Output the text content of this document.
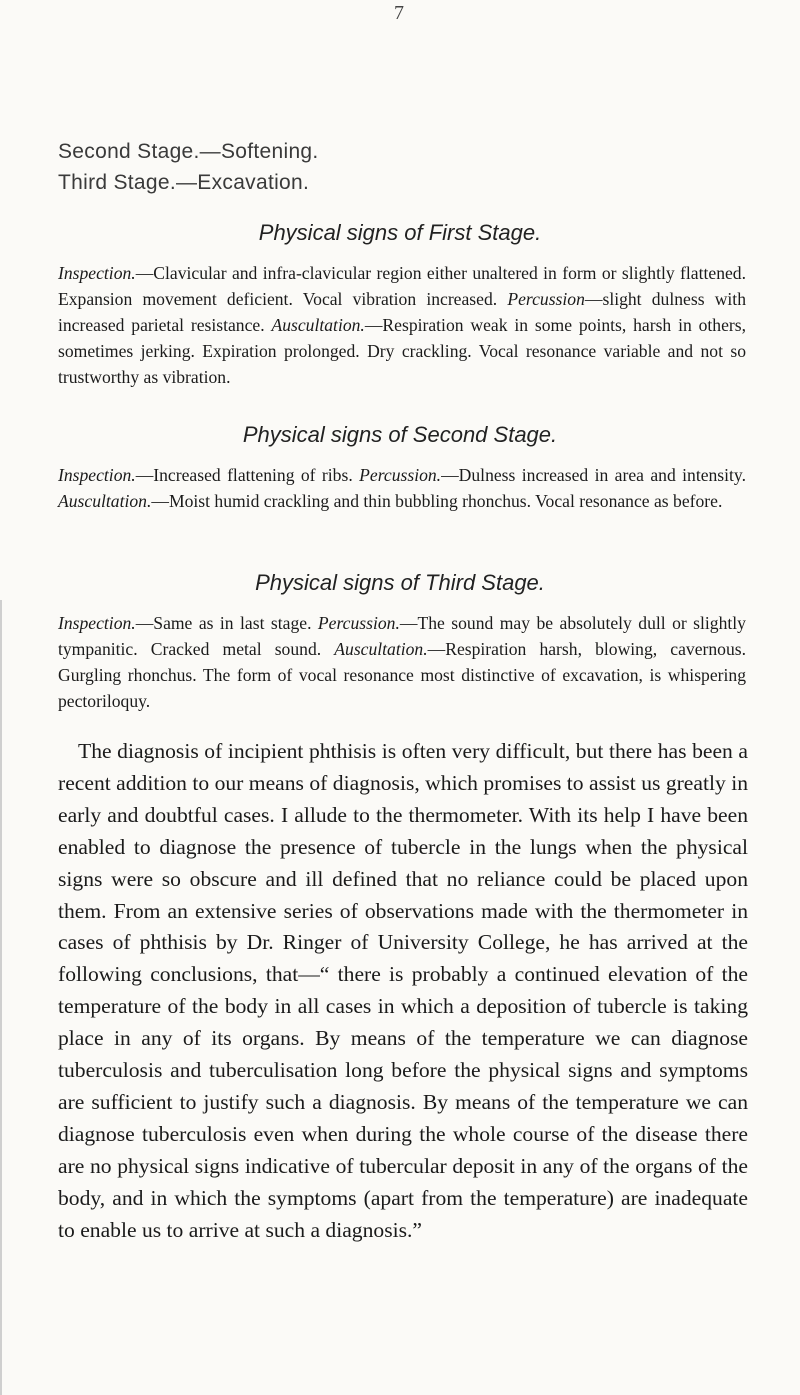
7
Second Stage.—Softening.
Third Stage.—Excavation.
Physical signs of First Stage.
Inspection.—Clavicular and infra-clavicular region either unaltered in form or slightly flattened. Expansion movement deficient. Vocal vibration increased. Percussion—slight dulness with increased parietal resistance. Auscultation.—Respiration weak in some points, harsh in others, sometimes jerking. Expiration prolonged. Dry crackling. Vocal resonance variable and not so trustworthy as vibration.
Physical signs of Second Stage.
Inspection.—Increased flattening of ribs. Percussion.—Dulness increased in area and intensity. Auscultation.—Moist humid crackling and thin bubbling rhonchus. Vocal resonance as before.
Physical signs of Third Stage.
Inspection.—Same as in last stage. Percussion.—The sound may be absolutely dull or slightly tympanitic. Cracked metal sound. Auscultation.—Respiration harsh, blowing, cavernous. Gurgling rhonchus. The form of vocal resonance most distinctive of excavation, is whispering pectoriloquy.
The diagnosis of incipient phthisis is often very difficult, but there has been a recent addition to our means of diagnosis, which promises to assist us greatly in early and doubtful cases. I allude to the thermometer. With its help I have been enabled to diagnose the presence of tubercle in the lungs when the physical signs were so obscure and ill defined that no reliance could be placed upon them. From an extensive series of observations made with the thermometer in cases of phthisis by Dr. Ringer of University College, he has arrived at the following conclusions, that—“ there is probably a continued elevation of the temperature of the body in all cases in which a deposition of tubercle is taking place in any of its organs. By means of the temperature we can diagnose tuberculosis and tuberculisation long before the physical signs and symptoms are sufficient to justify such a diagnosis. By means of the temperature we can diagnose tuberculosis even when during the whole course of the disease there are no physical signs indicative of tubercular deposit in any of the organs of the body, and in which the symptoms (apart from the temperature) are inadequate to enable us to arrive at such a diagnosis.”
